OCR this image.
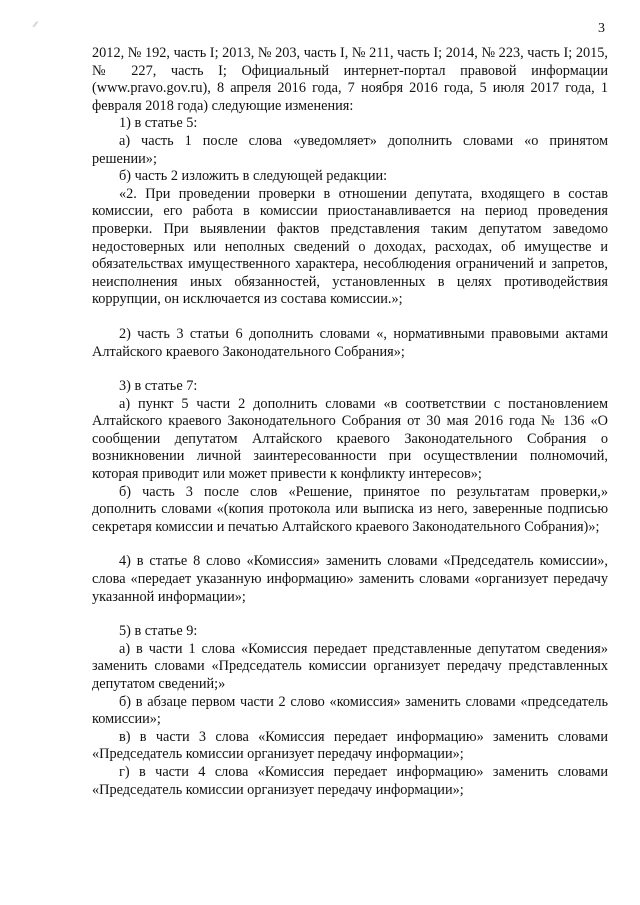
⁄⁄	3

2012, № 192, часть I; 2013, № 203, часть I, № 211, часть I; 2014, № 223, часть I; 2015, № 227, часть I; Официальный интернет-портал правовой информации (www.pravo.gov.ru), 8 апреля 2016 года, 7 ноября 2016 года, 5 июля 2017 года, 1 февраля 2018 года) следующие изменения:

1) в статье 5:

а) часть 1 после слова «уведомляет» дополнить словами «о принятом решении»;

б) часть 2 изложить в следующей редакции:

«2. При проведении проверки в отношении депутата, входящего в состав комиссии, его работа в комиссии приостанавливается на период проведения проверки. При выявлении фактов представления таким депутатом заведомо недостоверных или неполных сведений о доходах, расходах, об имуществе и обязательствах имущественного характера, несоблюдения ограничений и запретов, неисполнения иных обязанностей, установленных в целях противодействия коррупции, он исключается из состава комиссии.»;

2) часть 3 статьи 6 дополнить словами «, нормативными правовыми актами Алтайского краевого Законодательного Собрания»;

3) в статье 7:

а) пункт 5 части 2 дополнить словами «в соответствии с постановлением Алтайского краевого Законодательного Собрания от 30 мая 2016 года № 136 «О сообщении депутатом Алтайского краевого Законодательного Собрания о возникновении личной заинтересованности при осуществлении полномочий, которая приводит или может привести к конфликту интересов»;

б) часть 3 после слов «Решение, принятое по результатам проверки,» дополнить словами «(копия протокола или выписка из него, заверенные подписью секретаря комиссии и печатью Алтайского краевого Законодательного Собрания)»;

4) в статье 8 слово «Комиссия» заменить словами «Председатель комиссии», слова «передает указанную информацию» заменить словами «организует передачу указанной информации»;

5) в статье 9:

а) в части 1 слова «Комиссия передает представленные депутатом сведения» заменить словами «Председатель комиссии организует передачу представленных депутатом сведений;»

б) в абзаце первом части 2 слово «комиссия» заменить словами «председатель комиссии»;

в) в части 3 слова «Комиссия передает информацию» заменить словами «Председатель комиссии организует передачу информации»;

г) в части 4 слова «Комиссия передает информацию» заменить словами «Председатель комиссии организует передачу информации»;
